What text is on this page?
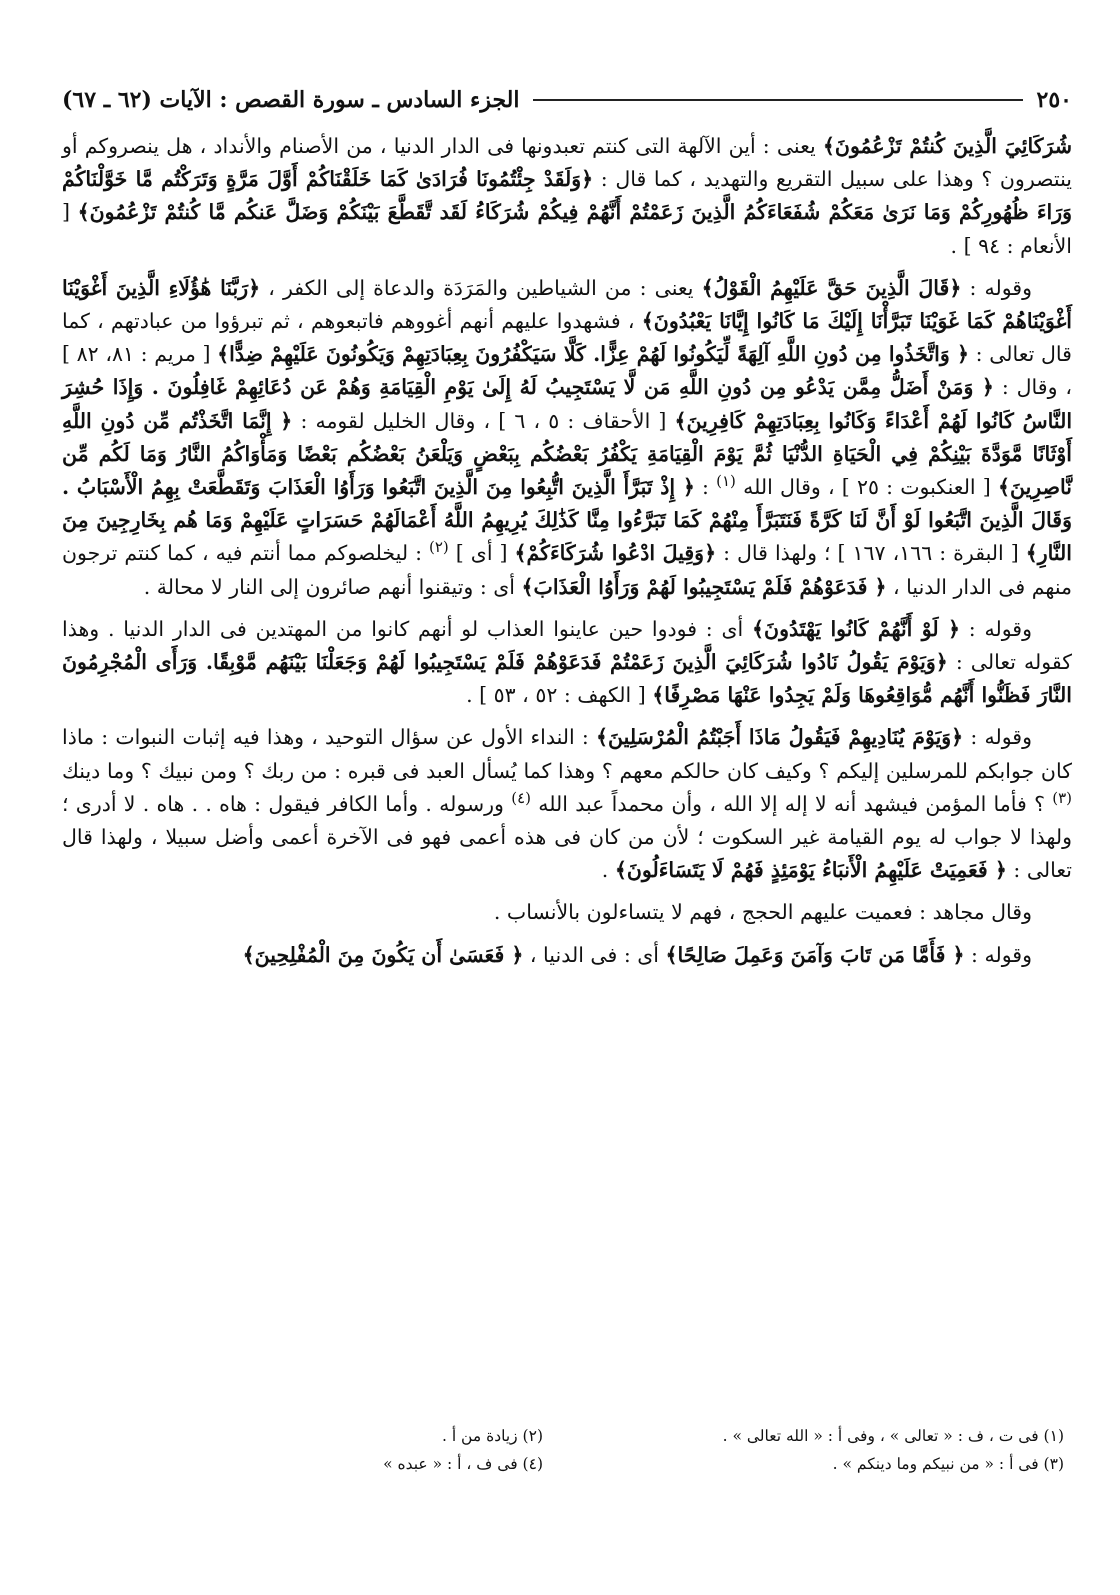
٢٥٠
الجزء السادس ـ سورة القصص : الآيات (٦٢ ـ ٦٧)

شُرَكَائِيَ الَّذِينَ كُنتُمْ تَزْعُمُونَ﴾ يعنى : أين الآلهة التى كنتم تعبدونها فى الدار الدنيا ، من الأصنام والأنداد ، هل ينصروكم أو ينتصرون ؟ وهذا على سبيل التقريع والتهديد ، كما قال : ﴿وَلَقَدْ جِئْتُمُونَا فُرَادَىٰ كَمَا خَلَقْنَاكُمْ أَوَّلَ مَرَّةٍ وَتَرَكْتُم مَّا خَوَّلْنَاكُمْ وَرَاءَ ظُهُورِكُمْ وَمَا نَرَىٰ مَعَكُمْ شُفَعَاءَكُمُ الَّذِينَ زَعَمْتُمْ أَنَّهُمْ فِيكُمْ شُرَكَاءُ لَقَد تَّقَطَّعَ بَيْنَكُمْ وَضَلَّ عَنكُم مَّا كُنتُمْ تَزْعُمُونَ﴾ [ الأنعام : ٩٤ ] .

وقوله : ﴿قَالَ الَّذِينَ حَقَّ عَلَيْهِمُ الْقَوْلُ﴾ يعنى : من الشياطين والمَرَدَة والدعاة إلى الكفر ، ﴿رَبَّنَا هَٰؤُلَاءِ الَّذِينَ أَغْوَيْنَا أَغْوَيْنَاهُمْ كَمَا غَوَيْنَا تَبَرَّأْنَا إِلَيْكَ مَا كَانُوا إِيَّانَا يَعْبُدُونَ﴾ ، فشهدوا عليهم أنهم أغووهم فاتبعوهم ، ثم تبرؤوا من عبادتهم ، كما قال تعالى : ﴿ وَاتَّخَذُوا مِن دُونِ اللَّهِ آلِهَةً لِّيَكُونُوا لَهُمْ عِزًّا. كَلَّا سَيَكْفُرُونَ بِعِبَادَتِهِمْ وَيَكُونُونَ عَلَيْهِمْ ضِدًّا﴾ [ مريم : ٨١، ٨٢ ] ، وقال : ﴿ وَمَنْ أَضَلُّ مِمَّن يَدْعُو مِن دُونِ اللَّهِ مَن لَّا يَسْتَجِيبُ لَهُ إِلَىٰ يَوْمِ الْقِيَامَةِ وَهُمْ عَن دُعَائِهِمْ غَافِلُونَ . وَإِذَا حُشِرَ النَّاسُ كَانُوا لَهُمْ أَعْدَاءً وَكَانُوا بِعِبَادَتِهِمْ كَافِرِينَ﴾ [ الأحقاف : ٥ ، ٦ ] ، وقال الخليل لقومه : ﴿ إِنَّمَا اتَّخَذْتُم مِّن دُونِ اللَّهِ أَوْثَانًا مَّوَدَّةَ بَيْنِكُمْ فِي الْحَيَاةِ الدُّنْيَا ثُمَّ يَوْمَ الْقِيَامَةِ يَكْفُرُ بَعْضُكُم بِبَعْضٍ وَيَلْعَنُ بَعْضُكُم بَعْضًا وَمَأْوَاكُمُ النَّارُ وَمَا لَكُم مِّن نَّاصِرِينَ﴾ [ العنكبوت : ٢٥ ] ، وقال الله $^{(١)}$ : ﴿ إِذْ تَبَرَّأَ الَّذِينَ اتُّبِعُوا مِنَ الَّذِينَ اتَّبَعُوا وَرَأَوُا الْعَذَابَ وَتَقَطَّعَتْ بِهِمُ الْأَسْبَابُ . وَقَالَ الَّذِينَ اتَّبَعُوا لَوْ أَنَّ لَنَا كَرَّةً فَنَتَبَرَّأَ مِنْهُمْ كَمَا تَبَرَّءُوا مِنَّا كَذَٰلِكَ يُرِيهِمُ اللَّهُ أَعْمَالَهُمْ حَسَرَاتٍ عَلَيْهِمْ وَمَا هُم بِخَارِجِينَ مِنَ النَّارِ﴾ [ البقرة : ١٦٦، ١٦٧ ] ؛ ولهذا قال : ﴿وَقِيلَ ادْعُوا شُرَكَاءَكُمْ﴾ [ أى ] $^{(٢)}$ : ليخلصوكم مما أنتم فيه ، كما كنتم ترجون منهم فى الدار الدنيا ، ﴿ فَدَعَوْهُمْ فَلَمْ يَسْتَجِيبُوا لَهُمْ وَرَأَوُا الْعَذَابَ﴾ أى : وتيقنوا أنهم صائرون إلى النار لا محالة .

وقوله : ﴿ لَوْ أَنَّهُمْ كَانُوا يَهْتَدُونَ﴾ أى : فودوا حين عاينوا العذاب لو أنهم كانوا من المهتدين فى الدار الدنيا . وهذا كقوله تعالى : ﴿وَيَوْمَ يَقُولُ نَادُوا شُرَكَائِيَ الَّذِينَ زَعَمْتُمْ فَدَعَوْهُمْ فَلَمْ يَسْتَجِيبُوا لَهُمْ وَجَعَلْنَا بَيْنَهُم مَّوْبِقًا. وَرَأَى الْمُجْرِمُونَ النَّارَ فَظَنُّوا أَنَّهُم مُّوَاقِعُوهَا وَلَمْ يَجِدُوا عَنْهَا مَصْرِفًا﴾ [ الكهف : ٥٢ ، ٥٣ ] .

وقوله : ﴿وَيَوْمَ يُنَادِيهِمْ فَيَقُولُ مَاذَا أَجَبْتُمُ الْمُرْسَلِينَ﴾ : النداء الأول عن سؤال التوحيد ، وهذا فيه إثبات النبوات : ماذا كان جوابكم للمرسلين إليكم ؟ وكيف كان حالكم معهم ؟ وهذا كما يُسأل العبد فى قبره : من ربك ؟ ومن نبيك ؟ وما دينك $^{(٣)}$ ؟ فأما المؤمن فيشهد أنه لا إله إلا الله ، وأن محمداً عبد الله $^{(٤)}$ ورسوله . وأما الكافر فيقول : هاه . . هاه . لا أدرى ؛ ولهذا لا جواب له يوم القيامة غير السكوت ؛ لأن من كان فى هذه أعمى فهو فى الآخرة أعمى وأضل سبيلا ، ولهذا قال تعالى : ﴿ فَعَمِيَتْ عَلَيْهِمُ الْأَنبَاءُ يَوْمَئِذٍ فَهُمْ لَا يَتَسَاءَلُونَ﴾ .

وقال مجاهد : فعميت عليهم الحجج ، فهم لا يتساءلون بالأنساب .

وقوله : ﴿ فَأَمَّا مَن تَابَ وَآمَنَ وَعَمِلَ صَالِحًا﴾ أى : فى الدنيا ، ﴿ فَعَسَىٰ أَن يَكُونَ مِنَ الْمُفْلِحِينَ﴾

(١) فى ت ، ف : « تعالى » ، وفى أ : « الله تعالى » .
(٢) زيادة من أ .
(٣) فى أ : « من نبيكم وما دينكم » .
(٤) فى ف ، أ : « عبده »
